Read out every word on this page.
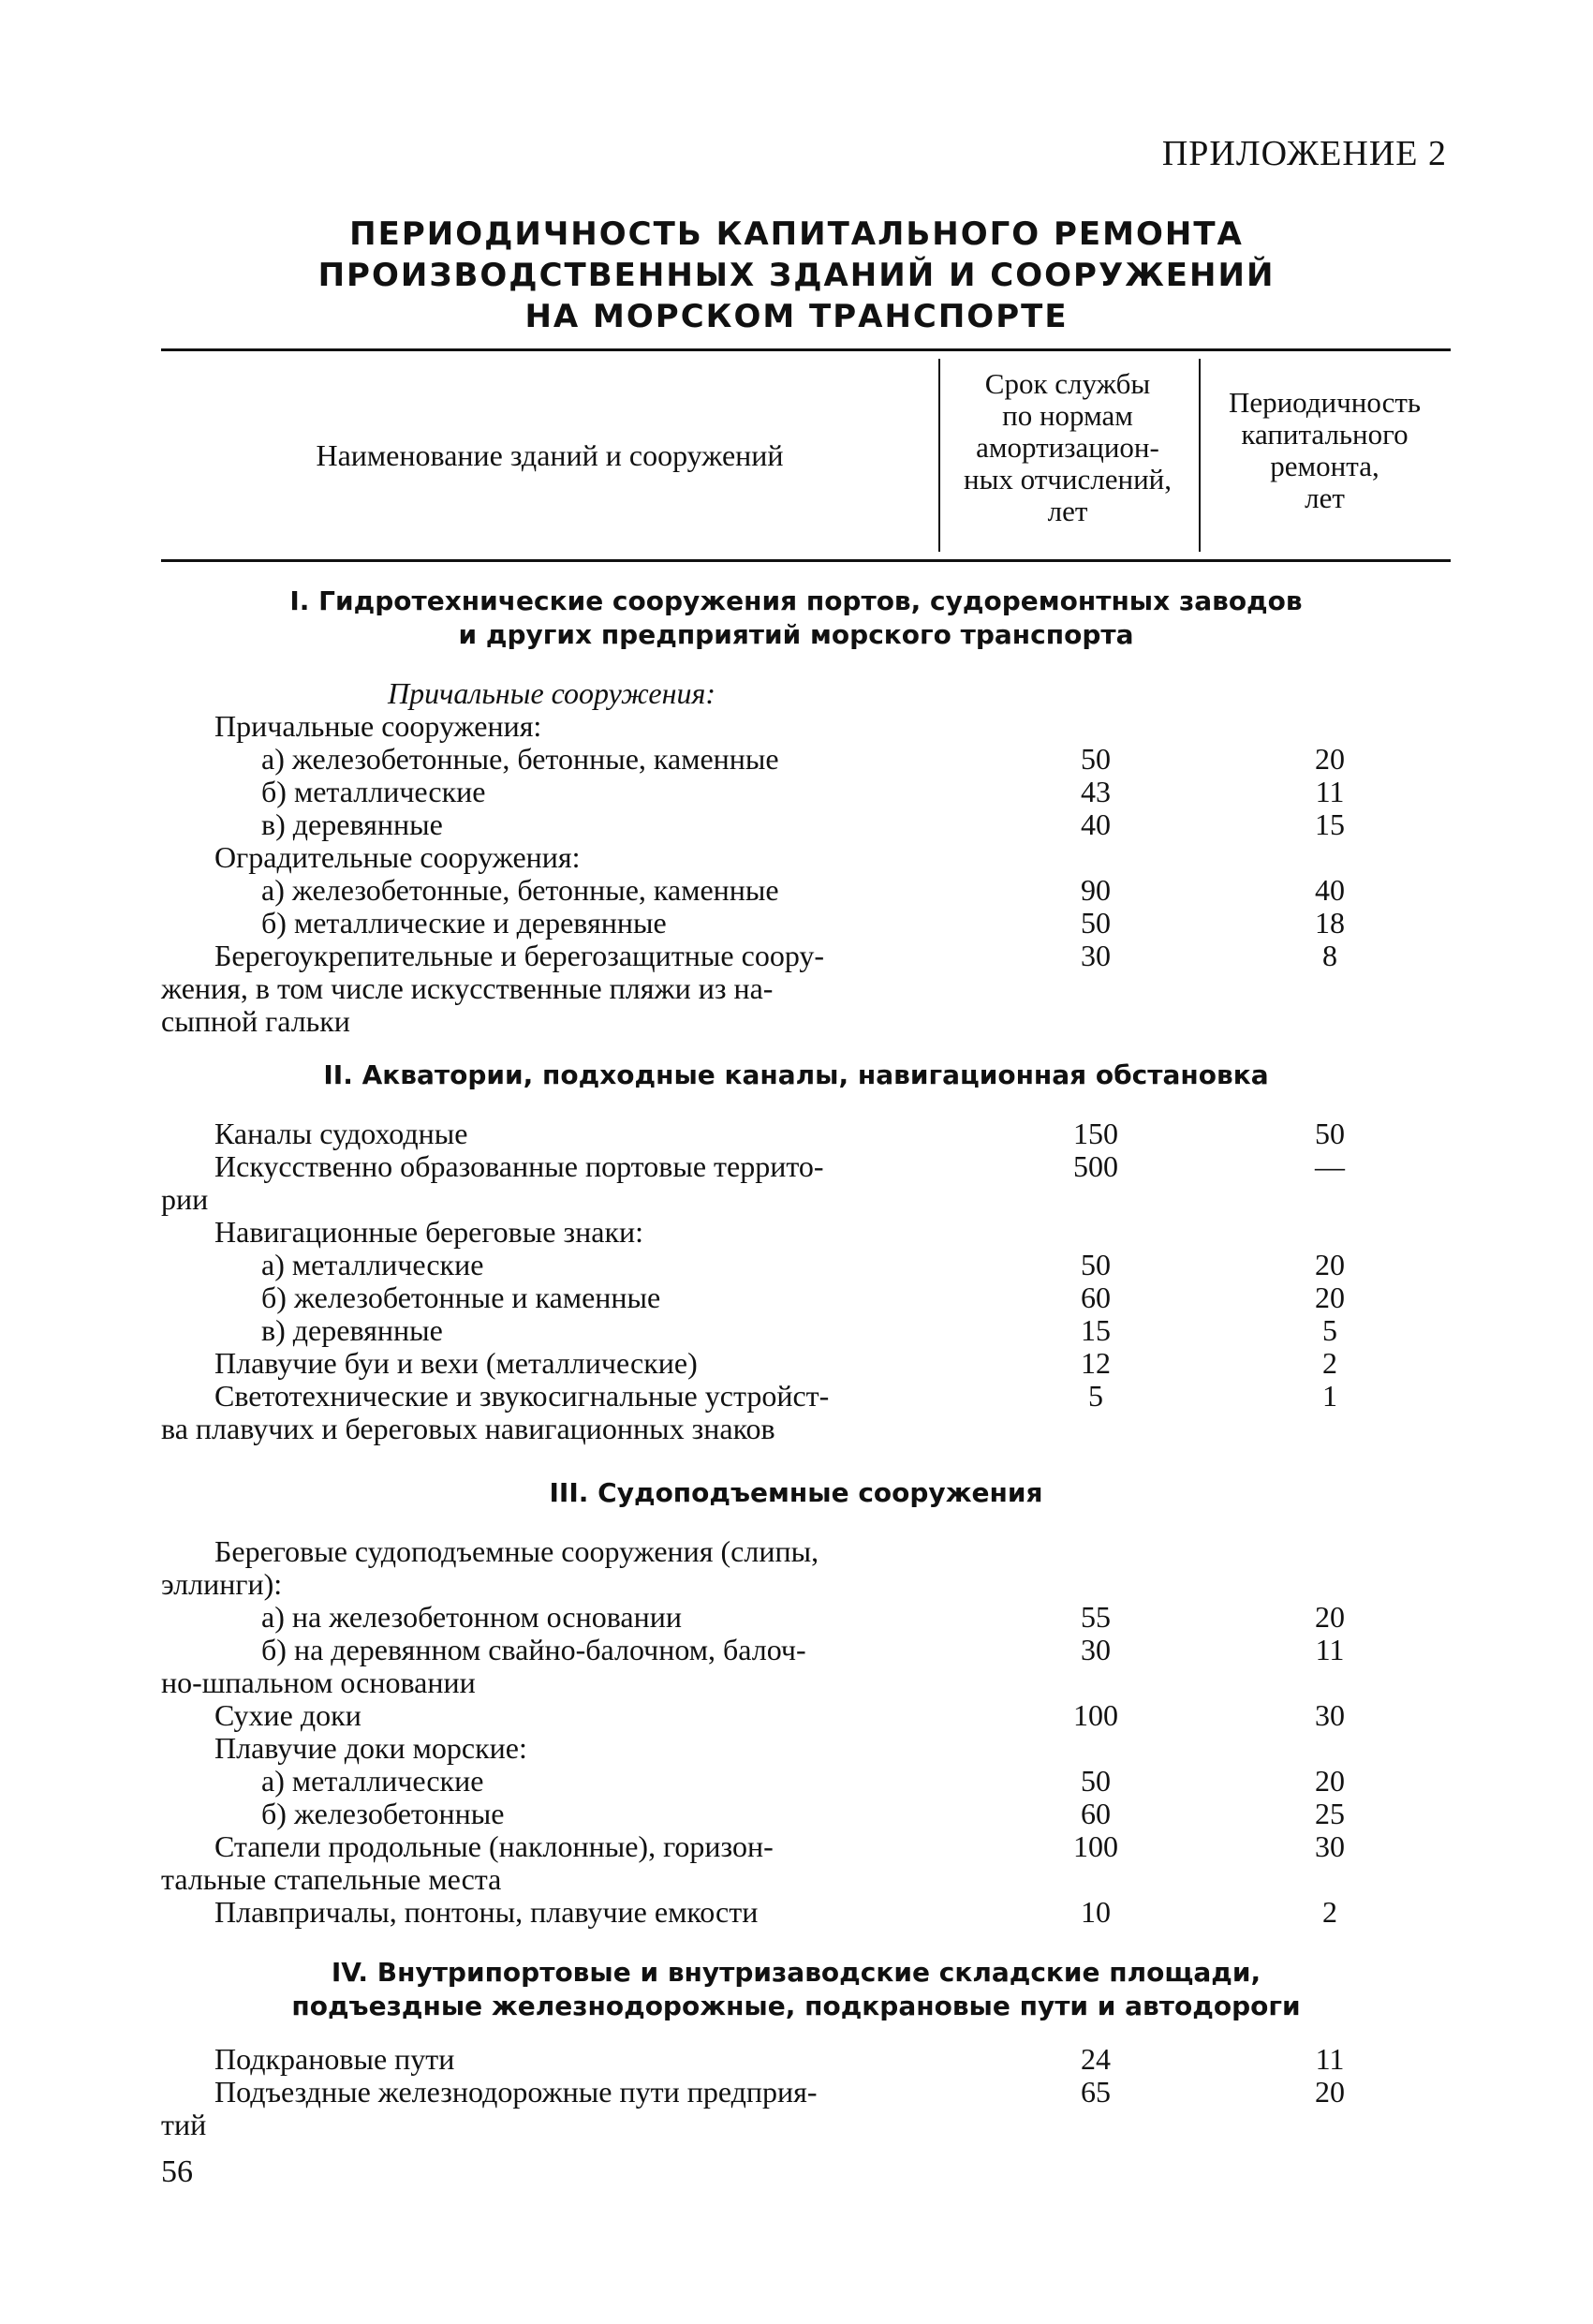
ПРИЛОЖЕНИЕ 2
ПЕРИОДИЧНОСТЬ КАПИТАЛЬНОГО РЕМОНТА
ПРОИЗВОДСТВЕННЫХ ЗДАНИЙ И СООРУЖЕНИЙ
НА МОРСКОМ ТРАНСПОРТЕ
Наименование зданий и сооружений
Срок службы
по нормам
амортизацион-
ных отчислений,
лет
Периодичность
капитального
ремонта,
лет
I. Гидротехнические сооружения портов, судоремонтных заводов
и других предприятий морского транспорта
II. Акватории, подходные каналы, навигационная обстановка
III. Судоподъемные сооружения
IV. Внутрипортовые и внутризаводские складские площади,
подъездные железнодорожные, подкрановые пути и автодороги
Причальные сооружения:
Причальные сооружения:
а) железобетонные, бетонные, каменные	50	20
б) металлические	43	11
в) деревянные	40	15
Оградительные сооружения:
а) железобетонные, бетонные, каменные	90	40
б) металлические и деревянные	50	18
Берегоукрепительные и берегозащитные соору-	30	8
жения, в том числе искусственные пляжи из на-
сыпной гальки
Каналы судоходные	150	50
Искусственно образованные портовые террито-	500	—
рии
Навигационные береговые знаки:
а) металлические	50	20
б) железобетонные и каменные	60	20
в) деревянные	15	5
Плавучие буи и вехи (металлические)	12	2
Светотехнические и звукосигнальные устройст-	5	1
ва плавучих и береговых навигационных знаков
Береговые судоподъемные сооружения (слипы,
эллинги):
а) на железобетонном основании	55	20
б) на деревянном свайно-балочном, балоч-	30	11
но-шпальном основании
Сухие доки	100	30
Плавучие доки морские:
а) металлические	50	20
б) железобетонные	60	25
Стапели продольные (наклонные), горизон-	100	30
тальные стапельные места
Плавпричалы, понтоны, плавучие емкости	10	2
Подкрановые пути	24	11
Подъездные железнодорожные пути предприя-	65	20
тий
56
